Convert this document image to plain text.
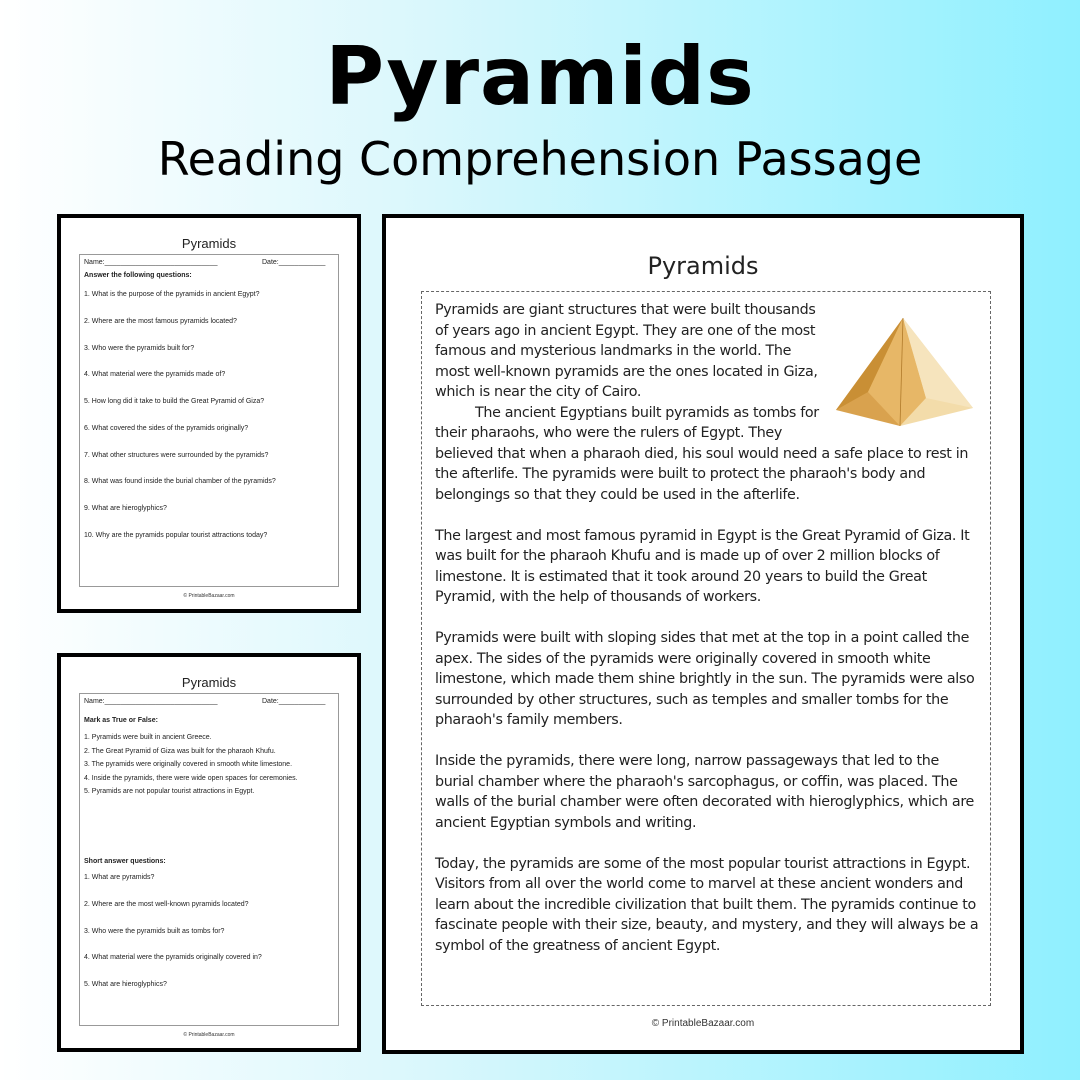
Pyramids
Reading Comprehension Passage
Pyramids
Name:_____________________________	Date:____________
Answer the following questions:
1. What is the purpose of the pyramids in ancient Egypt?
2. Where are the most famous pyramids located?
3. Who were the pyramids built for?
4. What material were the pyramids made of?
5. How long did it take to build the Great Pyramid of Giza?
6. What covered the sides of the pyramids originally?
7. What other structures were surrounded by the pyramids?
8. What was found inside the burial chamber of the pyramids?
9. What are hieroglyphics?
10. Why are the pyramids popular tourist attractions today?
© PrintableBazaar.com
Pyramids
Name:_____________________________	Date:____________
Mark as True or False:
1. Pyramids were built in ancient Greece.
2. The Great Pyramid of Giza was built for the pharaoh Khufu.
3. The pyramids were originally covered in smooth white limestone.
4. Inside the pyramids, there were wide open spaces for ceremonies.
5. Pyramids are not popular tourist attractions in Egypt.
Short answer questions:
1. What are pyramids?
2. Where are the most well-known pyramids located?
3. Who were the pyramids built as tombs for?
4. What material were the pyramids originally covered in?
5. What are hieroglyphics?
© PrintableBazaar.com
Pyramids
Pyramids are giant structures that were built thousands of years ago in ancient Egypt. They are one of the most famous and mysterious landmarks in the world. The most well-known pyramids are the ones located in Giza, which is near the city of Cairo.
The ancient Egyptians built pyramids as tombs for their pharaohs, who were the rulers of Egypt. They believed that when a pharaoh died, his soul would need a safe place to rest in the afterlife. The pyramids were built to protect the pharaoh's body and belongings so that they could be used in the afterlife.
The largest and most famous pyramid in Egypt is the Great Pyramid of Giza. It was built for the pharaoh Khufu and is made up of over 2 million blocks of limestone. It is estimated that it took around 20 years to build the Great Pyramid, with the help of thousands of workers.
Pyramids were built with sloping sides that met at the top in a point called the apex. The sides of the pyramids were originally covered in smooth white limestone, which made them shine brightly in the sun. The pyramids were also surrounded by other structures, such as temples and smaller tombs for the pharaoh's family members.
Inside the pyramids, there were long, narrow passageways that led to the burial chamber where the pharaoh's sarcophagus, or coffin, was placed. The walls of the burial chamber were often decorated with hieroglyphics, which are ancient Egyptian symbols and writing.
Today, the pyramids are some of the most popular tourist attractions in Egypt. Visitors from all over the world come to marvel at these ancient wonders and learn about the incredible civilization that built them. The pyramids continue to fascinate people with their size, beauty, and mystery, and they will always be a symbol of the greatness of ancient Egypt.
© PrintableBazaar.com
